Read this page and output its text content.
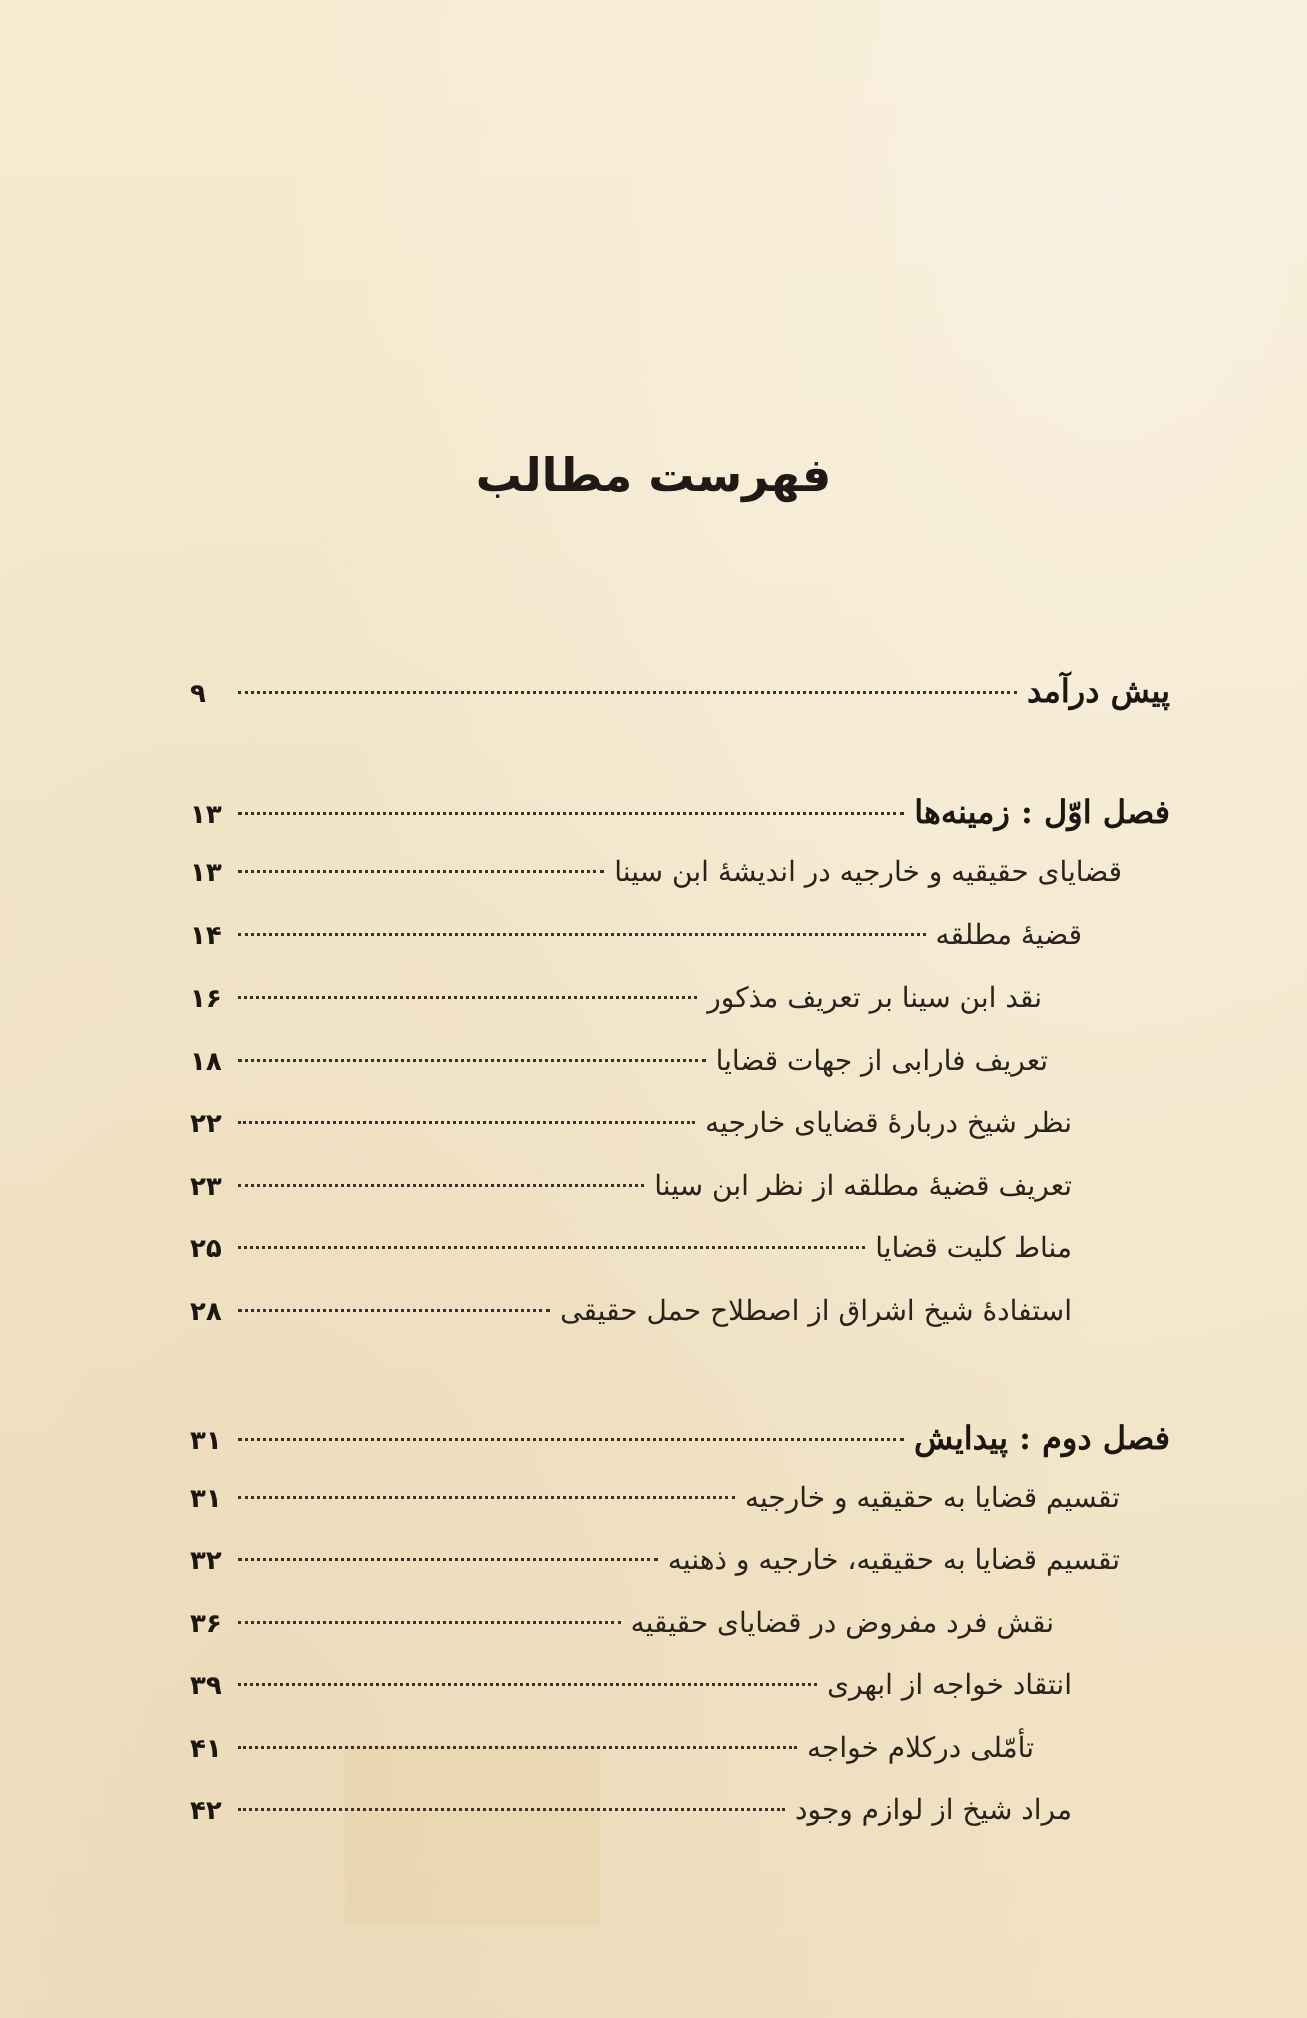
فهرست مطالب
پیش درآمد
۹
فصل اوّل : زمینه‌ها
۱۳
قضایای حقیقیه و خارجیه در اندیشهٔ ابن سینا
۱۳
قضیهٔ مطلقه
۱۴
نقد ابن سینا بر تعریف مذکور
۱۶
تعریف فارابی از جهات قضایا
۱۸
نظر شیخ دربارهٔ قضایای خارجیه
۲۲
تعریف قضیهٔ مطلقه از نظر ابن سینا
۲۳
مناط کلیت قضایا
۲۵
استفادهٔ شیخ اشراق از اصطلاح حمل حقیقی
۲۸
فصل دوم : پیدایش
۳۱
تقسیم قضایا به حقیقیه و خارجیه
۳۱
تقسیم قضایا به حقیقیه، خارجیه و ذهنیه
۳۲
نقش فرد مفروض در قضایای حقیقیه
۳۶
انتقاد خواجه از ابهری
۳۹
تأمّلی درکلام خواجه
۴۱
مراد شیخ از لوازم وجود
۴۲
